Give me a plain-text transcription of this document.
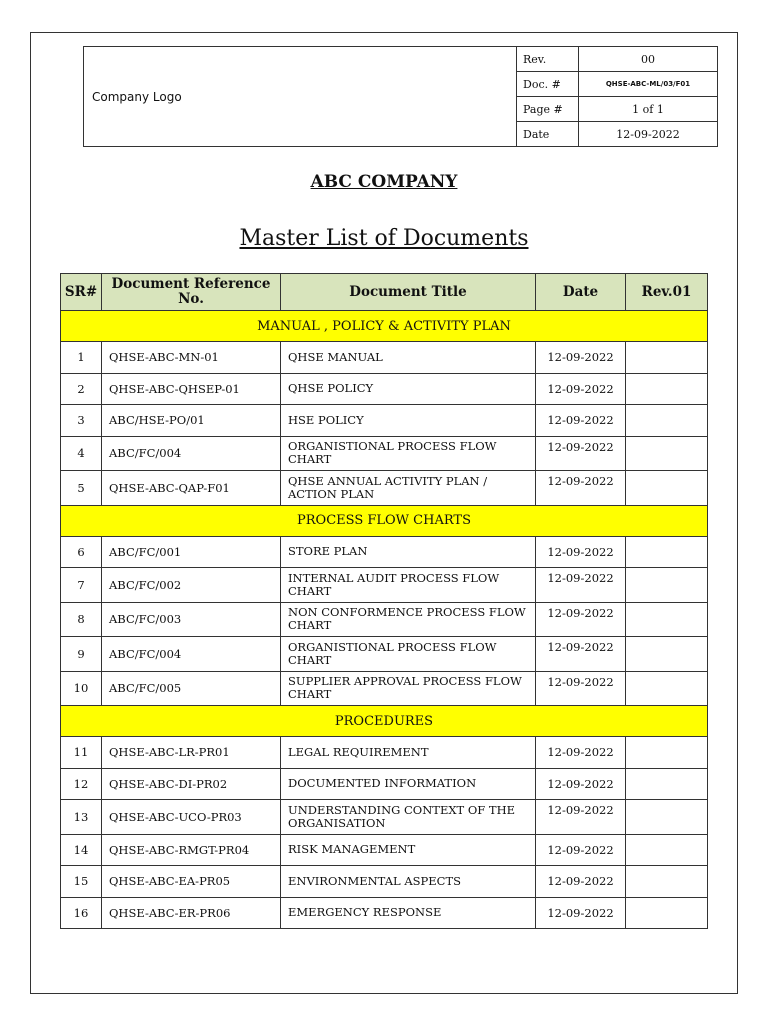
Company Logo	Rev.	00
	Doc. #	QHSE-ABC-ML/03/F01
	Page #	1 of 1
	Date	12-09-2022
ABC COMPANY
Master List of Documents
SR#	Document Reference No.	Document Title	Date	Rev.01
MANUAL , POLICY & ACTIVITY PLAN				
1	QHSE-ABC-MN-01	QHSE MANUAL	12-09-2022	
2	QHSE-ABC-QHSEP-01	QHSE POLICY	12-09-2022	
3	ABC/HSE-PO/01	HSE POLICY	12-09-2022	
4	ABC/FC/004	ORGANISTIONAL PROCESS FLOW CHART	12-09-2022	
5	QHSE-ABC-QAP-F01	QHSE ANNUAL ACTIVITY PLAN / ACTION PLAN	12-09-2022	
PROCESS FLOW CHARTS				
6	ABC/FC/001	STORE PLAN	12-09-2022	
7	ABC/FC/002	INTERNAL AUDIT PROCESS FLOW CHART	12-09-2022	
8	ABC/FC/003	NON CONFORMENCE PROCESS FLOW CHART	12-09-2022	
9	ABC/FC/004	ORGANISTIONAL PROCESS FLOW CHART	12-09-2022	
10	ABC/FC/005	SUPPLIER APPROVAL PROCESS FLOW CHART	12-09-2022	
PROCEDURES				
11	QHSE-ABC-LR-PR01	LEGAL REQUIREMENT	12-09-2022	
12	QHSE-ABC-DI-PR02	DOCUMENTED INFORMATION	12-09-2022	
13	QHSE-ABC-UCO-PR03	UNDERSTANDING CONTEXT OF THE ORGANISATION	12-09-2022	
14	QHSE-ABC-RMGT-PR04	RISK MANAGEMENT	12-09-2022	
15	QHSE-ABC-EA-PR05	ENVIRONMENTAL ASPECTS	12-09-2022	
16	QHSE-ABC-ER-PR06	EMERGENCY RESPONSE	12-09-2022	
